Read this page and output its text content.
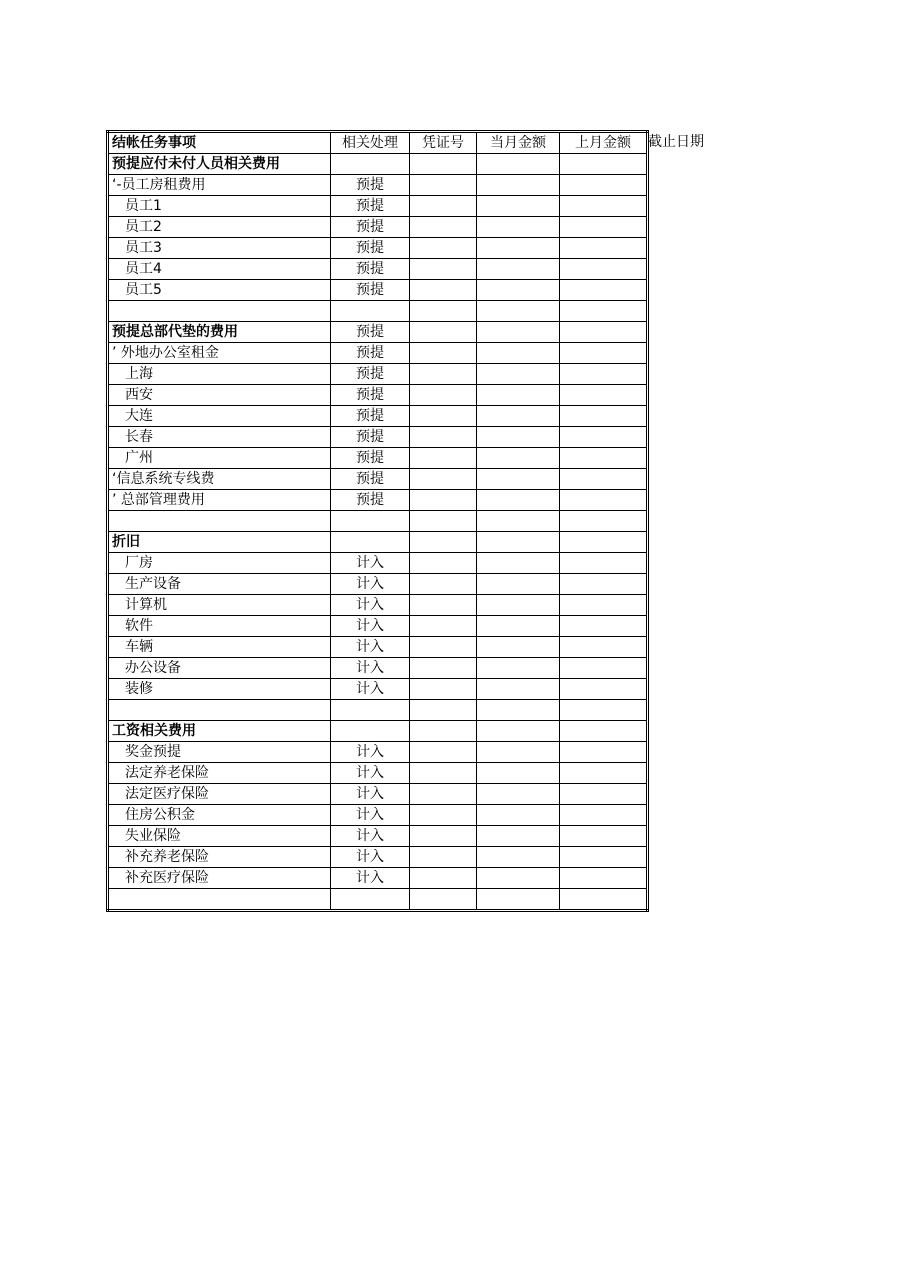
结帐任务事项	相关处理	凭证号	当月金额	上月金额
预提应付未付人员相关费用				
‘-员工房租费用	预提			
员工1	预提			
员工2	预提			
员工3	预提			
员工4	预提			
员工5	预提			

预提总部代垫的费用	预提			
’ 外地办公室租金	预提			
上海	预提			
西安	预提			
大连	预提			
长春	预提			
广州	预提			
‘信息系统专线费	预提			
’ 总部管理费用	预提			

折旧				
厂房	计入			
生产设备	计入			
计算机	计入			
软件	计入			
车辆	计入			
办公设备	计入			
装修	计入			

工资相关费用				
奖金预提	计入			
法定养老保险	计入			
法定医疗保险	计入			
住房公积金	计入			
失业保险	计入			
补充养老保险	计入			
补充医疗保险	计入			

截止日期
